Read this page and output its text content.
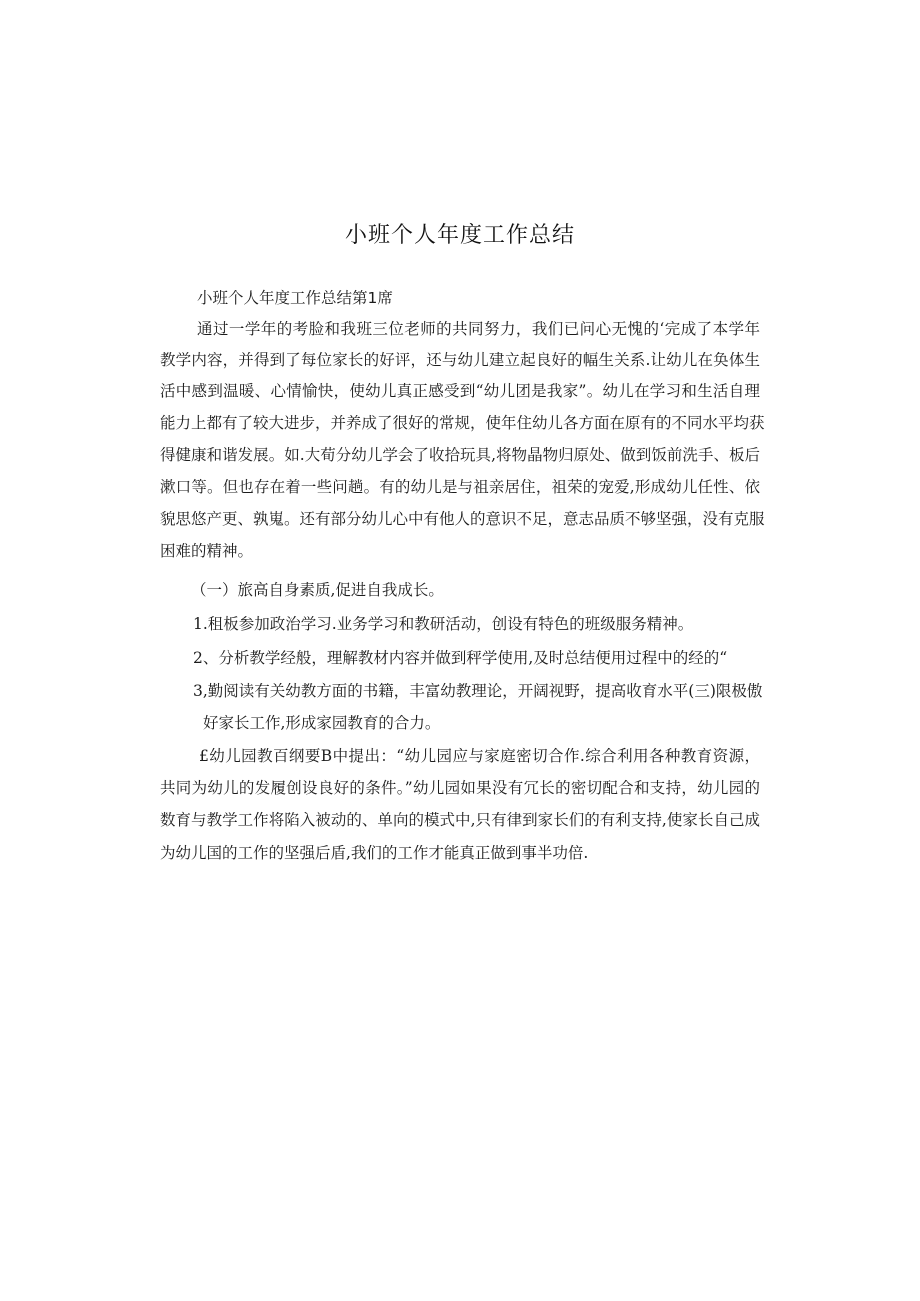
小班个人年度工作总结

小班个人年度工作总结第1席

通过一学年的考脸和我班三位老师的共同努力，我们已问心无愧的‘完成了本学年

教学内容，并得到了每位家长的好评，还与幼儿建立起良好的幅生关系.让幼儿在奂体生

活中感到温暖、心情愉快，使幼儿真正感受到“幼儿团是我家”。幼儿在学习和生活自理

能力上都有了较大进步，并养成了很好的常规，使年住幼儿各方面在原有的不同水平均获

得健康和谐发展。如.大荀分幼儿学会了收拾玩具,将物晶物归原处、做到饭前洗手、板后

漱口等。但也存在着一些问趟。有的幼儿是与祖亲居住，祖荣的宠爱,形成幼儿任性、依

貌思悠产更、孰嵬。还有部分幼儿心中有他人的意识不足，意志品质不够坚强，没有克服

困难的精神。

（一）旅高自身素质,促进自我成长。

1.租板参加政治学习.业务学习和教研活动，创设有特色的班级服务精神。

2、分析教学经般，理解教材内容并做到秤学使用,及时总结便用过程中的经的“

3,勤阅读有关幼教方面的书籍，丰富幼教理论，开阔视野，提高收育水平(三)限极傲

好家长工作,形成家园教育的合力。

£幼儿园教百纲要B中提出：“幼儿园应与家庭密切合作.综合利用各种教育资源，

共同为幼儿的发履创设良好的条件。”幼儿园如果没有冗长的密切配合和支持，幼儿园的

数育与教学工作将陷入被动的、单向的模式中,只有律到家长们的有利支持,使家长自己成

为幼儿国的工作的坚强后盾,我们的工作才能真正做到事半功倍.
